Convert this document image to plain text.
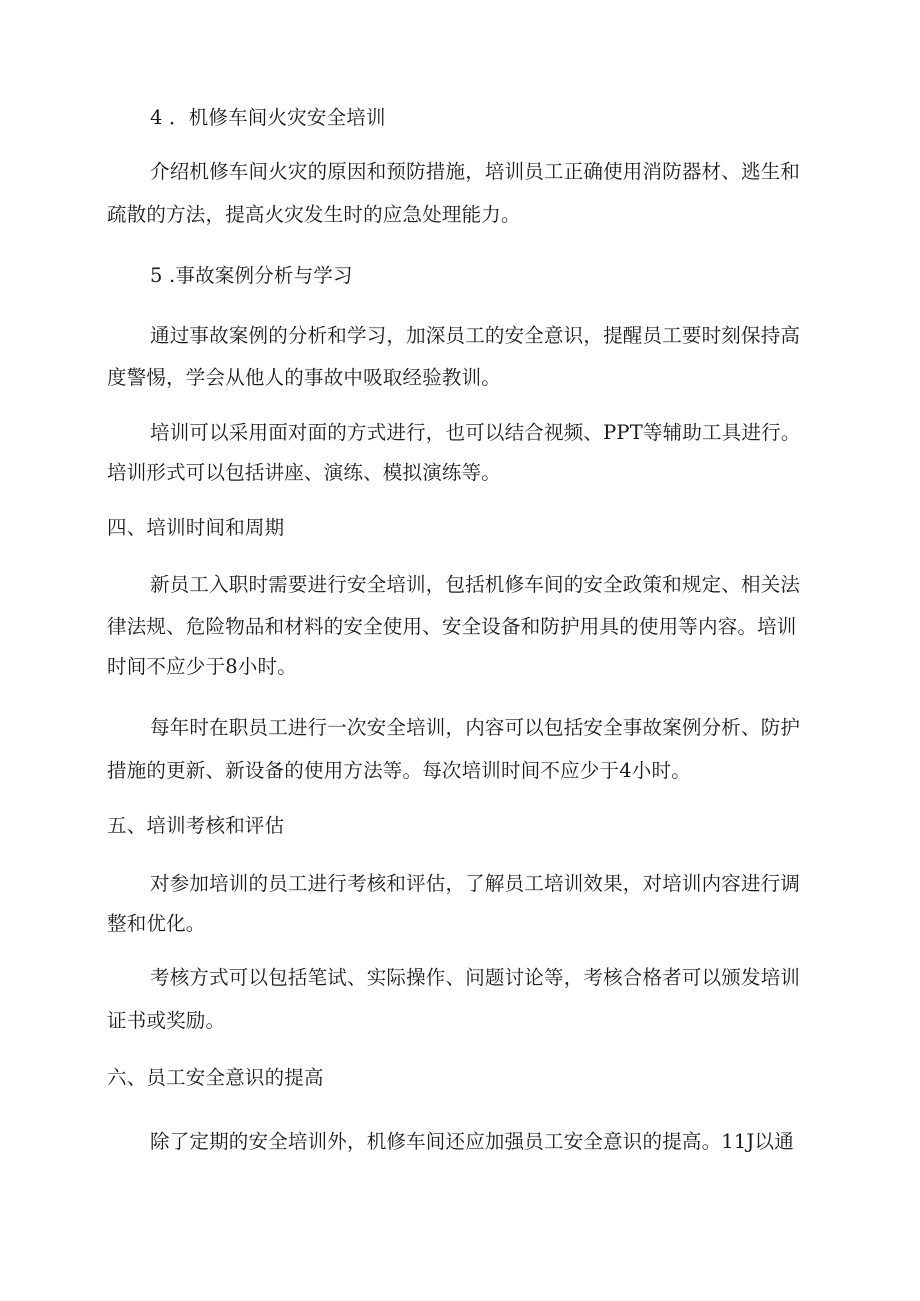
4 ．机修车间火灾安全培训
介绍机修车间火灾的原因和预防措施，培训员工正确使用消防器材、逃生和
疏散的方法，提高火灾发生时的应急处理能力。
5 .事故案例分析与学习
通过事故案例的分析和学习，加深员工的安全意识，提醒员工要时刻保持高
度警惕，学会从他人的事故中吸取经验教训。
培训可以采用面对面的方式进行，也可以结合视频、PPT等辅助工具进行。
培训形式可以包括讲座、演练、模拟演练等。
四、培训时间和周期
新员工入职时需要进行安全培训，包括机修车间的安全政策和规定、相关法
律法规、危险物品和材料的安全使用、安全设备和防护用具的使用等内容。培训
时间不应少于8小时。
每年时在职员工进行一次安全培训，内容可以包括安全事故案例分析、防护
措施的更新、新设备的使用方法等。每次培训时间不应少于4小时。
五、培训考核和评估
对参加培训的员工进行考核和评估，了解员工培训效果，对培训内容进行调
整和优化。
考核方式可以包括笔试、实际操作、问题讨论等，考核合格者可以颁发培训
证书或奖励。
六、员工安全意识的提高
除了定期的安全培训外，机修车间还应加强员工安全意识的提高。11J以通
